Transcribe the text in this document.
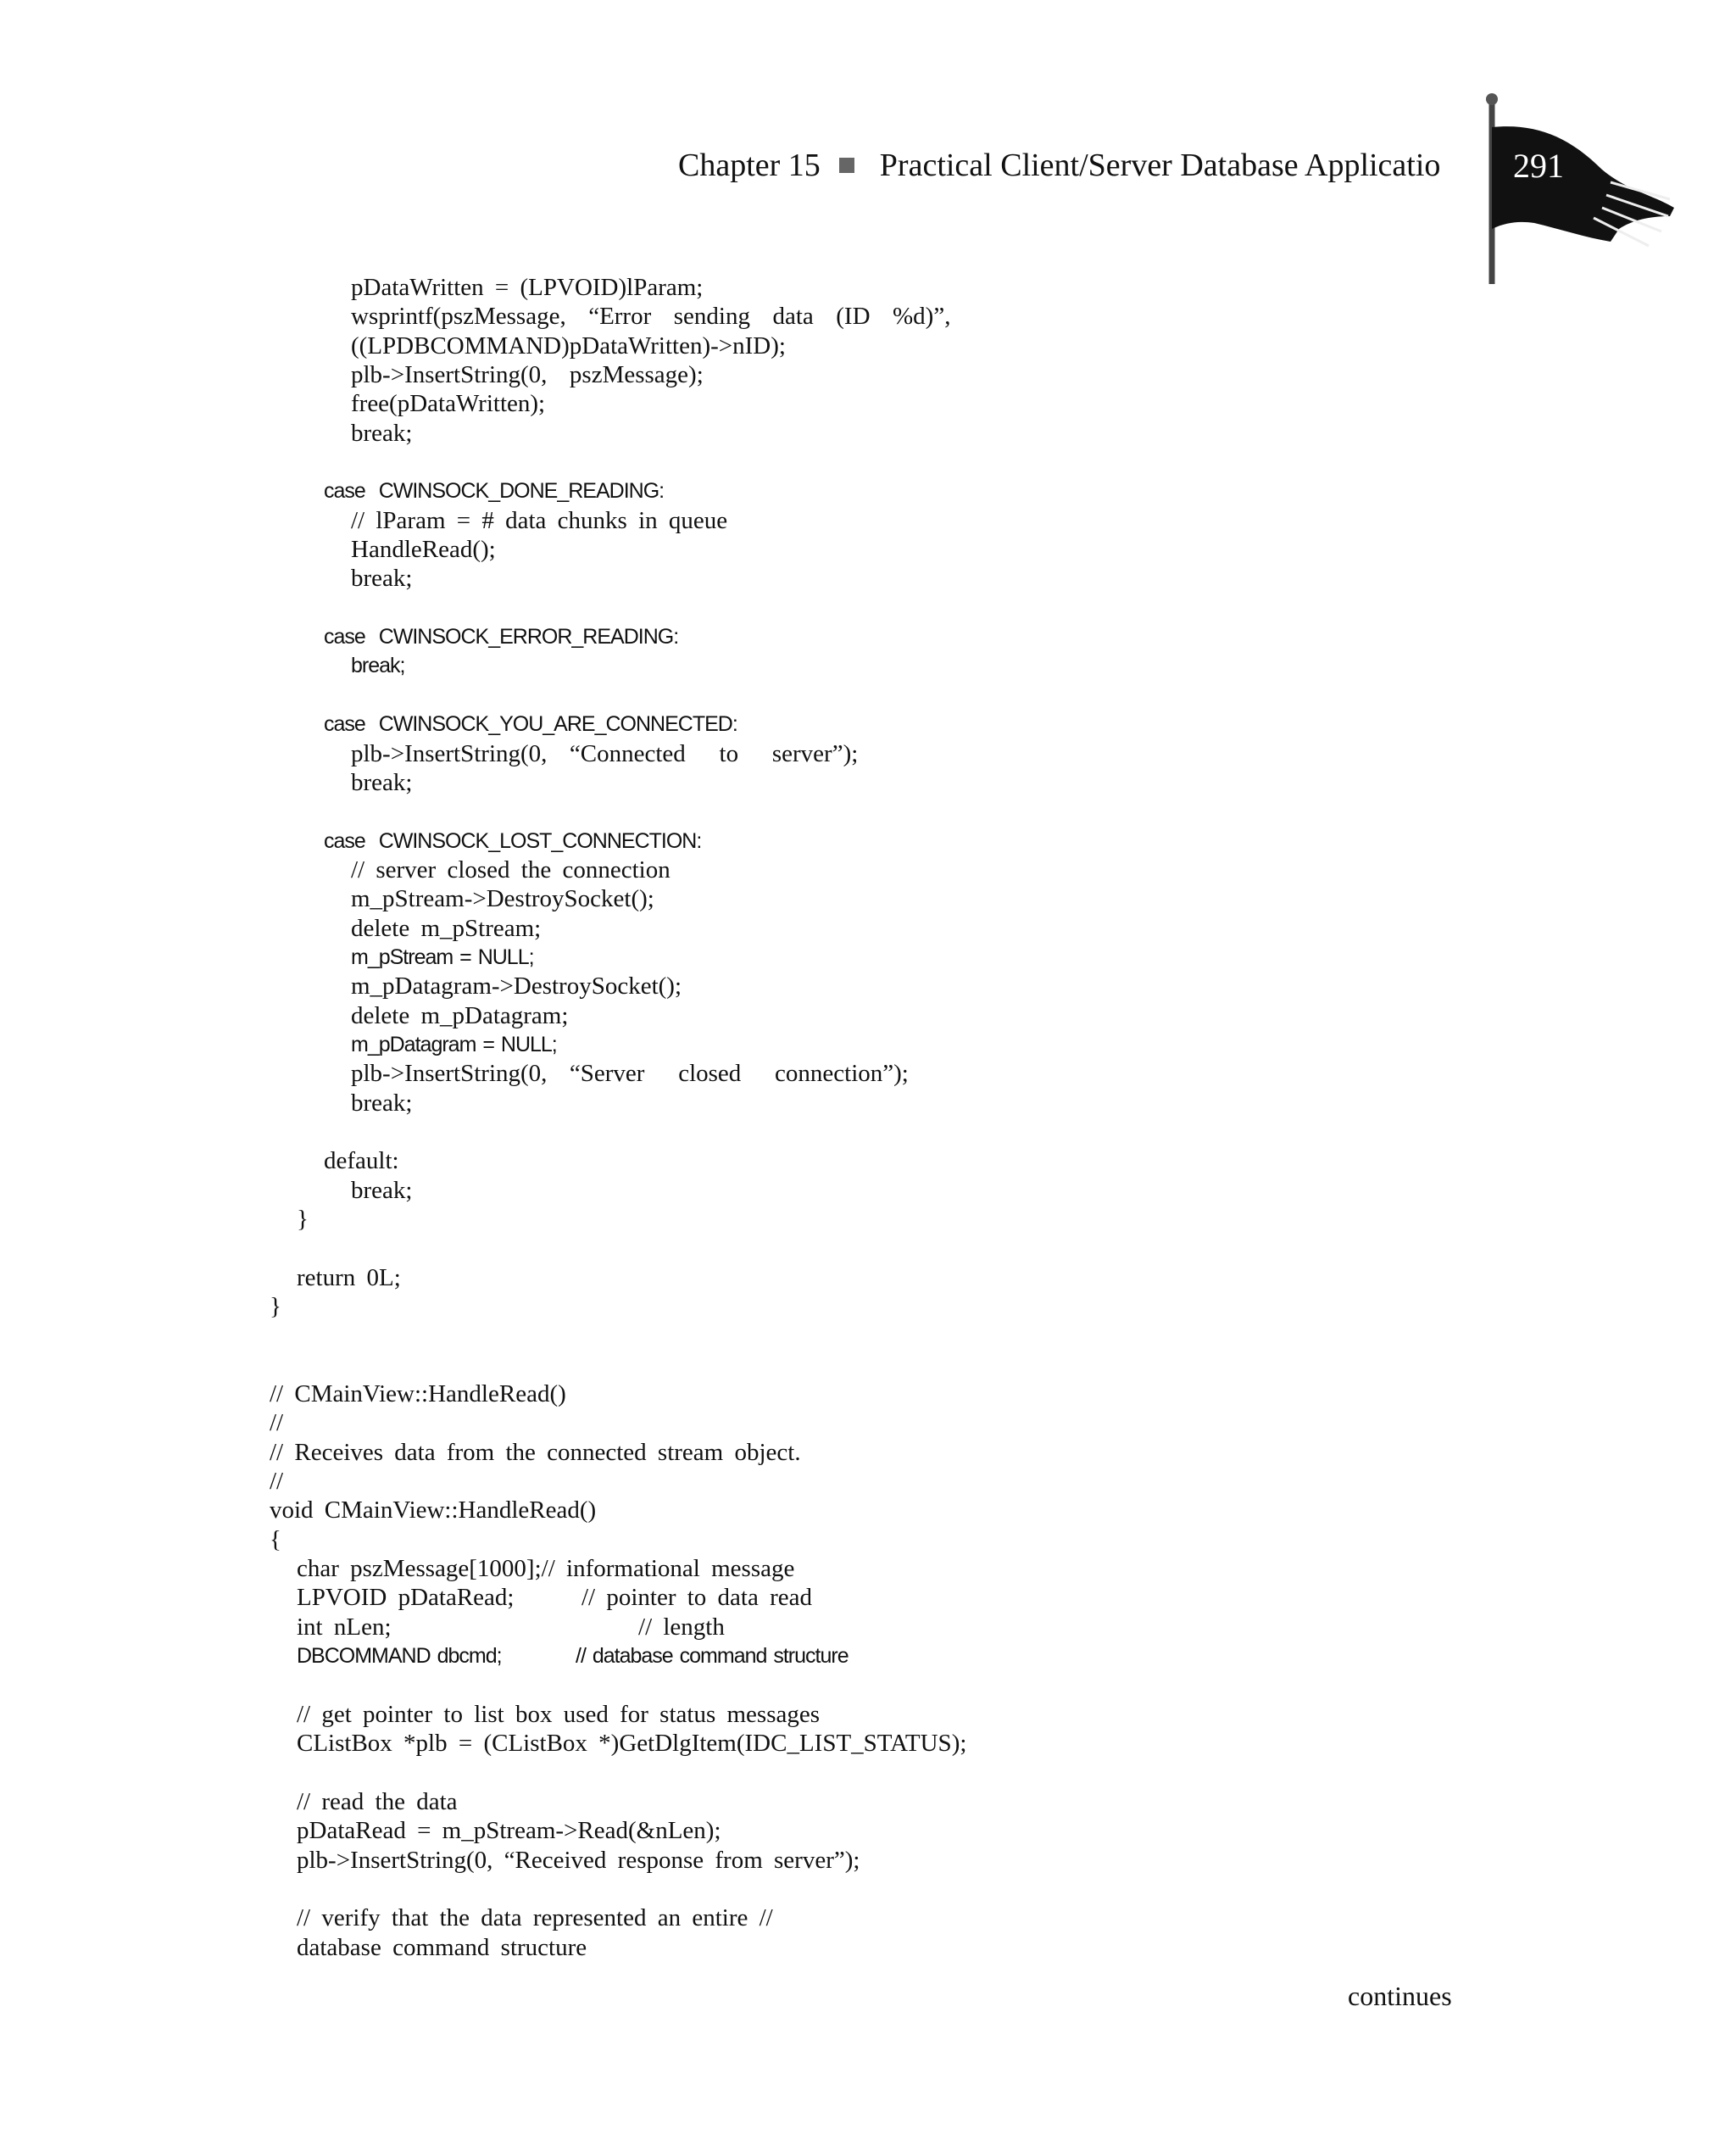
Chapter 15 Practical Client/Server Database Applicatio 291
pDataWritten = (LPVOID)lParam;
wsprintf(pszMessage,  “Error  sending  data  (ID  %d)”,
((LPDBCOMMAND)pDataWritten)->nID);
plb->InsertString(0,  pszMessage);
free(pDataWritten);
break;
case  CWINSOCK_DONE_READING:
// lParam = # data chunks in queue
HandleRead();
break;
case  CWINSOCK_ERROR_READING:
break;
case  CWINSOCK_YOU_ARE_CONNECTED:
plb->InsertString(0,  “Connected   to   server”);
break;
case  CWINSOCK_LOST_CONNECTION:
// server closed the connection
m_pStream->DestroySocket();
delete m_pStream;
m_pStream = NULL;
m_pDatagram->DestroySocket();
delete m_pDatagram;
m_pDatagram = NULL;
plb->InsertString(0,  “Server   closed   connection”);
break;
default:
break;
}
return 0L;
}
// CMainView::HandleRead()
//
// Receives data from the connected stream object.
//
void CMainView::HandleRead()
{
char pszMessage[1000];// informational message
LPVOID pDataRead;      // pointer to data read
int nLen;                      // length
DBCOMMAND dbcmd;           // database command structure
// get pointer to list box used for status messages
CListBox *plb = (CListBox *)GetDlgItem(IDC_LIST_STATUS);
// read the data
pDataRead = m_pStream->Read(&nLen);
plb->InsertString(0, “Received response from server”);
// verify that the data represented an entire //
database command structure
continues
